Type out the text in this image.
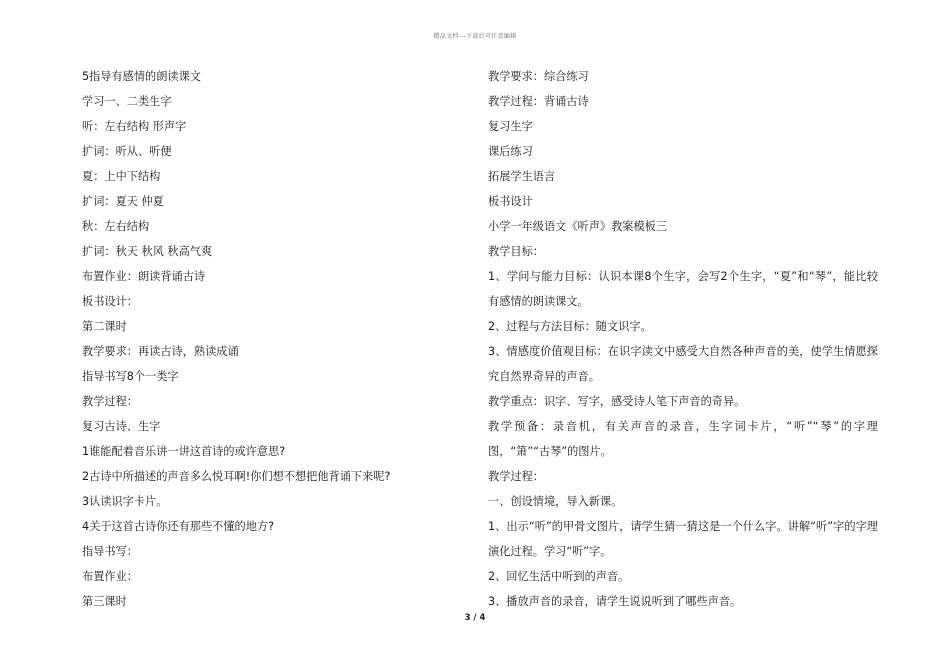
精品文档---下载后可任意编辑

5指导有感情的朗读课文

学习一、二类生字

听：左右结构 形声字

扩词：听从、听便

夏：上中下结构

扩词：夏天 仲夏

秋：左右结构

扩词：秋天 秋风 秋高气爽

布置作业：朗读背诵古诗

板书设计：

第二课时

教学要求：再读古诗，熟读成诵

指导书写8个一类字

教学过程：

复习古诗、生字

1谁能配着音乐讲一讲这首诗的或许意思?

2古诗中所描述的声音多么悦耳啊!你们想不想把他背诵下来呢?

3认读识字卡片。

4关于这首古诗你还有那些不懂的地方?

指导书写：

布置作业：

第三课时

教学要求：综合练习

教学过程：背诵古诗

复习生字

课后练习

拓展学生语言

板书设计

小学一年级语文《听声》教案模板三

教学目标：

1、学问与能力目标：认识本课8个生字，会写2个生字，“夏”和“琴”，能比较有感情的朗读课文。

2、过程与方法目标：随文识字。

3、情感度价值观目标：在识字读文中感受大自然各种声音的美，使学生情愿探究自然界奇异的声音。

教学重点：识字、写字，感受诗人笔下声音的奇异。

教学预备：录音机，有关声音的录音，生字词卡片，“听”“琴”的字理图，“箫”“古琴”的图片。

教学过程：

一、创设情境，导入新课。

1、出示“听”的甲骨文图片，请学生猜一猜这是一个什么字。讲解“听”字的字理演化过程。学习“听”字。

2、回忆生活中听到的声音。

3、播放声音的录音，请学生说说听到了哪些声音。

3 / 4
